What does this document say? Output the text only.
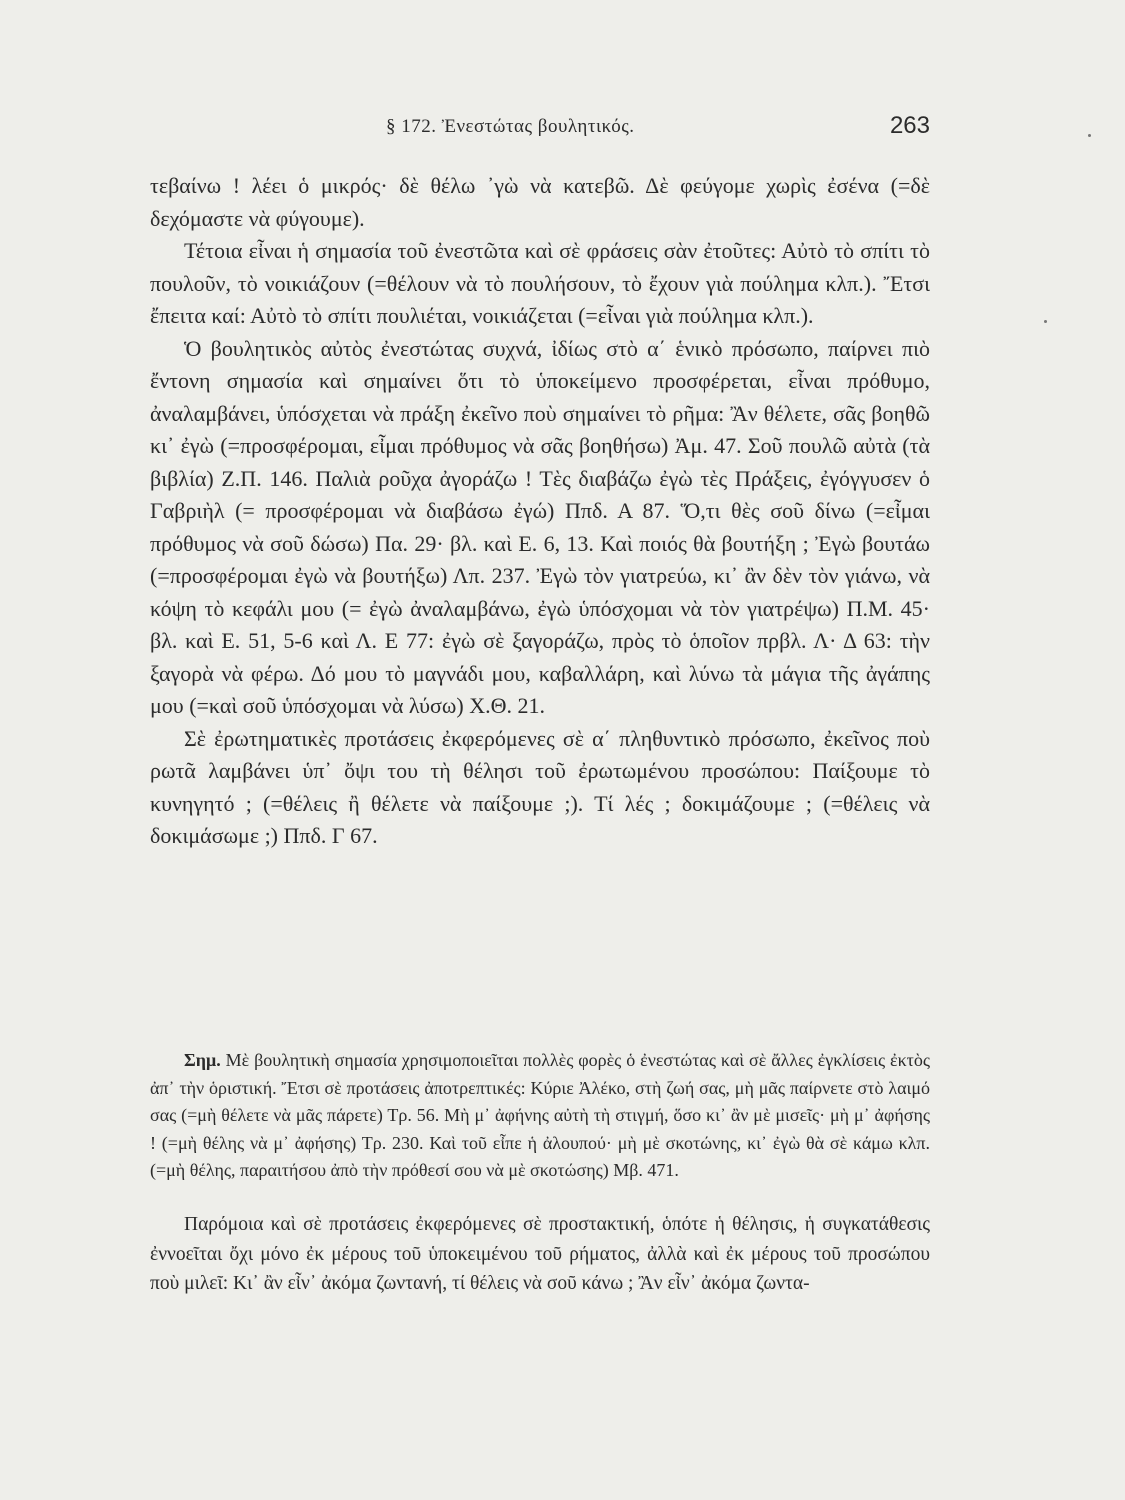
§ 172. Ἐνεστώτας βουλητικός.	263

τεβαίνω ! λέει ὁ μικρός· δὲ θέλω ᾽γὼ νὰ κατεβῶ. Δὲ φεύγομε χωρὶς ἐσένα (=δὲ δεχόμαστε νὰ φύγουμε).

Τέτοια εἶναι ἡ σημασία τοῦ ἐνεστῶτα καὶ σὲ φράσεις σὰν ἐτοῦτες: Αὐτὸ τὸ σπίτι τὸ πουλοῦν, τὸ νοικιάζουν (=θέλουν νὰ τὸ πουλήσουν, τὸ ἔχουν γιὰ πούλημα κλπ.). Ἔτσι ἔπειτα καί: Αὐτὸ τὸ σπίτι πουλιέται, νοικιάζεται (=εἶναι γιὰ πούλημα κλπ.).

Ὁ βουλητικὸς αὐτὸς ἐνεστώτας συχνά, ἰδίως στὸ α΄ ἑνικὸ πρόσωπο, παίρνει πιὸ ἔντονη σημασία καὶ σημαίνει ὅτι τὸ ὑποκείμενο προσφέρεται, εἶναι πρόθυμο, ἀναλαμβάνει, ὑπόσχεται νὰ πράξη ἐκεῖνο ποὺ σημαίνει τὸ ρῆμα: Ἂν θέλετε, σᾶς βοηθῶ κι᾽ ἐγὼ (=προσφέρομαι, εἶμαι πρόθυμος νὰ σᾶς βοηθήσω) Ἀμ. 47. Σοῦ πουλῶ αὐτὰ (τὰ βιβλία) Ζ.Π. 146. Παλιὰ ροῦχα ἀγοράζω ! Τὲς διαβάζω ἐγὼ τὲς Πράξεις, ἐγόγγυσεν ὁ Γαβριὴλ (= προσφέρομαι νὰ διαβάσω ἐγώ) Ππδ. Α 87. Ὅ,τι θὲς σοῦ δίνω (=εἶμαι πρόθυμος νὰ σοῦ δώσω) Πα. 29· βλ. καὶ Ε. 6, 13. Καὶ ποιός θὰ βουτήξη ; Ἐγὼ βουτάω (=προσφέρομαι ἐγὼ νὰ βουτήξω) Λπ. 237. Ἐγὼ τὸν γιατρεύω, κι᾽ ἂν δὲν τὸν γιάνω, νὰ κόψη τὸ κεφάλι μου (= ἐγὼ ἀναλαμβάνω, ἐγὼ ὑπόσχομαι νὰ τὸν γιατρέψω) Π.Μ. 45· βλ. καὶ Ε. 51, 5-6 καὶ Λ. Ε 77: ἐγὼ σὲ ξαγοράζω, πρὸς τὸ ὁποῖον πρβλ. Λ· Δ 63: τὴν ξαγορὰ νὰ φέρω. Δό μου τὸ μαγνάδι μου, καβαλλάρη, καὶ λύνω τὰ μάγια τῆς ἀγάπης μου (=καὶ σοῦ ὑπόσχομαι νὰ λύσω) Χ.Θ. 21.

Σὲ ἐρωτηματικὲς προτάσεις ἐκφερόμενες σὲ α΄ πληθυντικὸ πρόσωπο, ἐκεῖνος ποὺ ρωτᾶ λαμβάνει ὑπ᾽ ὄψι του τὴ θέλησι τοῦ ἐρωτωμένου προσώπου: Παίξουμε τὸ κυνηγητό ; (=θέλεις ἢ θέλετε νὰ παίξουμε ;). Τί λές ; δοκιμάζουμε ; (=θέλεις νὰ δοκιμάσωμε ;) Ππδ. Γ 67.

Σημ. Μὲ βουλητικὴ σημασία χρησιμοποιεῖται πολλὲς φορὲς ὁ ἐνεστώτας καὶ σὲ ἄλλες ἐγκλίσεις ἐκτὸς ἀπ᾽ τὴν ὁριστική. Ἔτσι σὲ προτάσεις ἀποτρεπτικές: Κύριε Ἀλέκο, στὴ ζωή σας, μὴ μᾶς παίρνετε στὸ λαιμό σας (=μὴ θέλετε νὰ μᾶς πάρετε) Τρ. 56. Μὴ μ᾽ ἀφήνης αὐτὴ τὴ στιγμή, ὅσο κι᾽ ἂν μὲ μισεῖς· μὴ μ᾽ ἀφήσης ! (=μὴ θέλης νὰ μ᾽ ἀφήσης) Τρ. 230. Καὶ τοῦ εἶπε ἡ ἀλουπού· μὴ μὲ σκοτώνης, κι᾽ ἐγὼ θὰ σὲ κάμω κλπ. (=μὴ θέλης, παραιτήσου ἀπὸ τὴν πρόθεσί σου νὰ μὲ σκοτώσης) Μβ. 471.

Παρόμοια καὶ σὲ προτάσεις ἐκφερόμενες σὲ προστακτική, ὁπότε ἡ θέλησις, ἡ συγκατάθεσις ἐννοεῖται ὄχι μόνο ἐκ μέρους τοῦ ὑποκειμένου τοῦ ρήματος, ἀλλὰ καὶ ἐκ μέρους τοῦ προσώπου ποὺ μιλεῖ: Κι᾽ ἂν εἶν᾽ ἀκόμα ζωντανή, τί θέλεις νὰ σοῦ κάνω ; Ἂν εἶν᾽ ἀκόμα ζωντα-
